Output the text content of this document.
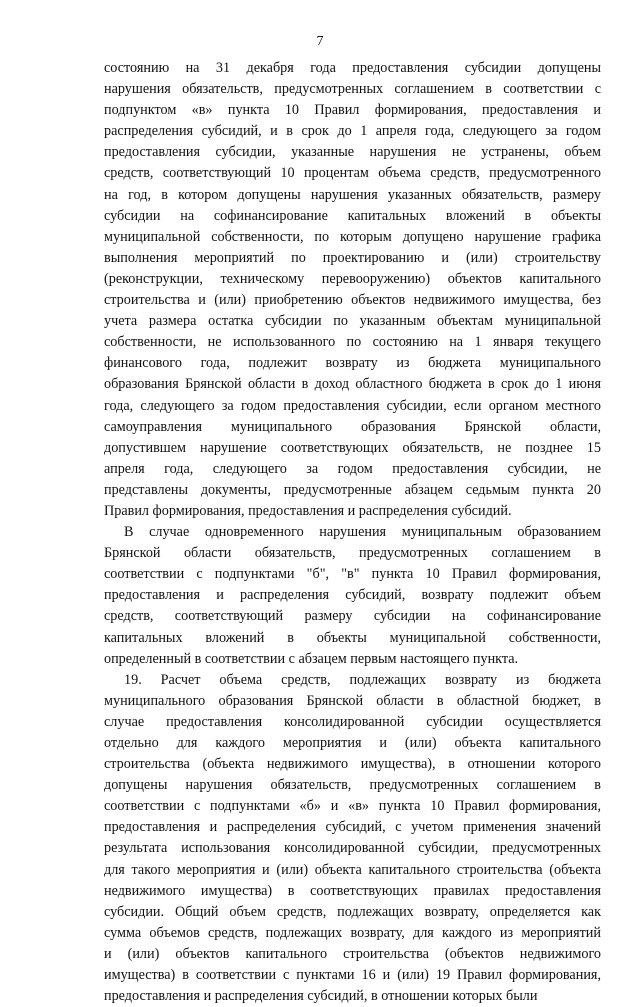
7
состоянию на 31 декабря года предоставления субсидии допущены
нарушения обязательств, предусмотренных соглашением в соответствии с
подпунктом «в» пункта 10 Правил формирования, предоставления и
распределения субсидий, и в срок до 1 апреля года, следующего за годом
предоставления субсидии, указанные нарушения не устранены, объем
средств, соответствующий 10 процентам объема средств, предусмотренного
на год, в котором допущены нарушения указанных обязательств, размеру
субсидии на софинансирование капитальных вложений в объекты
муниципальной собственности, по которым допущено нарушение графика
выполнения мероприятий по проектированию и (или) строительству
(реконструкции, техническому перевооружению) объектов капитального
строительства и (или) приобретению объектов недвижимого имущества, без
учета размера остатка субсидии по указанным объектам муниципальной
собственности, не использованного по состоянию на 1 января текущего
финансового года, подлежит возврату из бюджета муниципального
образования Брянской области в доход областного бюджета в срок до 1 июня
года, следующего за годом предоставления субсидии, если органом местного
самоуправления муниципального образования Брянской области,
допустившем нарушение соответствующих обязательств, не позднее 15
апреля года, следующего за годом предоставления субсидии, не
представлены документы, предусмотренные абзацем седьмым пункта 20
Правил формирования, предоставления и распределения субсидий.
В случае одновременного нарушения муниципальным образованием
Брянской области обязательств, предусмотренных соглашением в
соответствии с подпунктами "б", "в" пункта 10 Правил формирования,
предоставления и распределения субсидий, возврату подлежит объем
средств, соответствующий размеру субсидии на софинансирование
капитальных вложений в объекты муниципальной собственности,
определенный в соответствии с абзацем первым настоящего пункта.
19. Расчет объема средств, подлежащих возврату из бюджета
муниципального образования Брянской области в областной бюджет, в
случае предоставления консолидированной субсидии осуществляется
отдельно для каждого мероприятия и (или) объекта капитального
строительства (объекта недвижимого имущества), в отношении которого
допущены нарушения обязательств, предусмотренных соглашением в
соответствии с подпунктами «б» и «в» пункта 10 Правил формирования,
предоставления и распределения субсидий, с учетом применения значений
результата использования консолидированной субсидии, предусмотренных
для такого мероприятия и (или) объекта капитального строительства (объекта
недвижимого имущества) в соответствующих правилах предоставления
субсидии. Общий объем средств, подлежащих возврату, определяется как
сумма объемов средств, подлежащих возврату, для каждого из мероприятий
и (или) объектов капитального строительства (объектов недвижимого
имущества) в соответствии с пунктами 16 и (или) 19 Правил формирования,
предоставления и распределения субсидий, в отношении которых были
